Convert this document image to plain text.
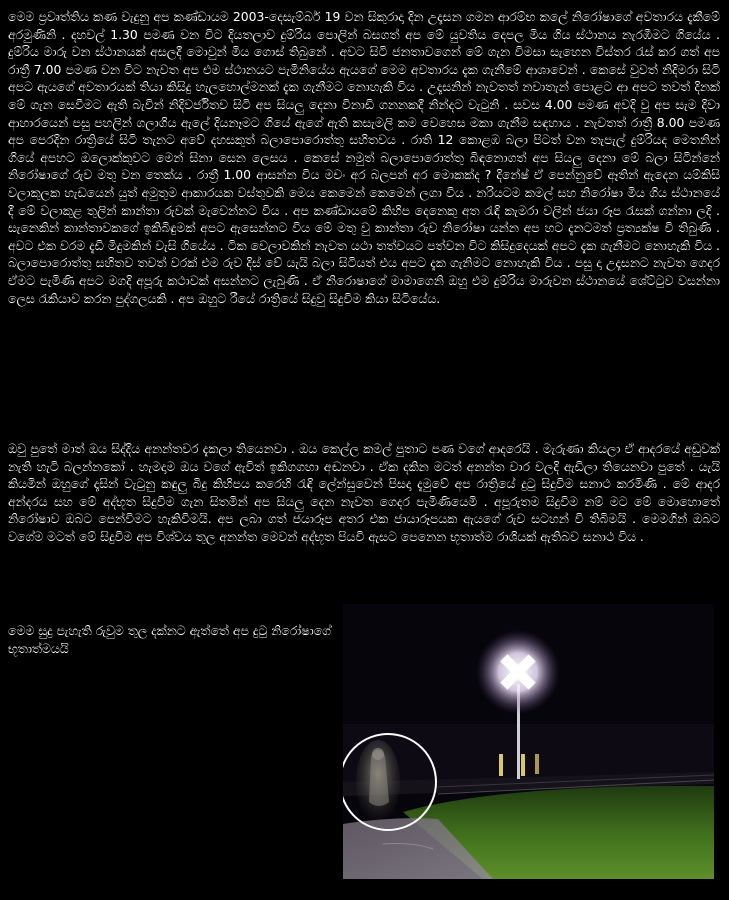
මෙම ප්‍රවෘත්තිය කණ වැදුනු අප කණ්ඩායම 2003-දෙසැම්බර් 19 වන සිකුරාදා දින උදෑසන ගමන ආරම්භ කලේ නිරෝෂාගේ අවතාරය දැකීමේ අරමුණිනි . දහවල් 1.30 පමණ වන විට දියතලාව දුම්රිය පොලින් බසගත් අප මේ යුවතිය දෙපල මිය ගිය ස්ථානය නැරඹීමට ගියේය . දුම්රිය මාරු වන ස්ථානයක් අසලදී මොවුන් මිය ගොස් තිබුනේ . අවට සිටි ජනතාවගෙන් මේ ගැන විමසා සැහෙන විස්තර රැස් කර ගත් අප රාත්‍රී 7.00 පමණ වන විට නැවත අප එම ස්ථානයට පැමිනියේය ඇයගේ මෙම අවතාරය දැක ගැනීමේ ආශාවෙන් . කෙසේ වුවත් නිදිමරා සිටි අපට ඇයගේ අවතාරයක් තියා කිසිදු හැලහොල්මනක් දැක ගැනීමට නොහැකි විය . උදෑසනින් නැවතත් නවාතැන් පොළට ආ අපට තවත් දිනක් මේ ගැන සෙවීමට ඇති බැවින් නිදිවර්ජිතව සිටි අප සියලු දෙනා විනාඩි ගනනකදී නින්දට වැටුනි . සවස 4.00 පමණ අවදි වු අප සැම දිවා ආහාරයෙන් පසු පහලින් ගලාගිය ඇලේ දියනෑමට ගියේ ඇගේ ඇති කසැමලි කම වෙහෙස මකා ගැනීම සඳහාය . නැවතත් රාත්‍රී 8.00 පමණ අප පෙරදින රාත්‍රියේ සිටි තැනට අවේ දහසකුත් බලාපොරොත්තු සහිතවය . රාති 12 කොළඹ බලා පිටත් වන තැපැල් දුම්රියද මෙතනින් ගියේ අපහට ඔලොක්කුවට මෙන් සිනා සෙන ලෙසය . කෙසේ නමුත් බලාපොරොත්තු බිඳනොගත් අප සියලු දෙනා මේ බලා සිටින්නේ නිරෝෂාගේ රුව මතු වන තෙක්ය . රාත්‍රී 1.00 ආසන්න විය මචං අර බලපන් අර මොකක්ද ? දිනේෂ් ඒ පෙන්නුවේ ඈතින් ඇදෙන යම්කිසි වලාකුලක හැඩයෙන් යුත් අමුතුම ආකාරයක වස්තුවකි මෙය කෙමෙන් කෙමෙන් ලගා විය . නරියටම කමල් සහ නිරෝෂා මිය ගිය ස්ථානයේ දී මේ වලාකුළ තුලින් කාන්තා රුවක් මැවෙන්නට විය . අප කණ්ඩායමේ කිහිප දෙනෙකු අත රැඳි කැමරා වලින් ජයා රූප රැසක් ගන්නා ලදි . සැනෙකින් කාන්තාවකගේ ඉකිබිඳුමක් අපට ඇසෙන්නට විය මේ මතු වු කාන්තා රුව නිරෝෂා යන්න අප හට දැනටමත් ප්‍රත්‍යක්ෂ වි තිබුණි . අවට එක වරම දැඩි මිදුමකින් වැසි ගියේය . ටික වෙලාවකින් නැවත යථා තත්වයට පත්වන විට කිසිදුදෙයක් අපට දැක ගැනීමට නොහැකි විය . බලාපොරොත්තු සහිතව තවත් වරක් එම රුව දිස් වේ යැයි බලා සිටියත් එය අපට දැක ගැනිමට නොහැකි විය . පසු දා උදෑසනට නැවත ගෙදර ඒමට පැමිණි අපට මගදි අපූරු කථාවක් අසන්නට ලැබුණි . ඒ නිරොෂාගේ මාමාගෙනි ඔහු එම දුම්රිය මාරුවන ස්ථානයේ ශේට්ටුව වසන්නා ලෙස රැකියාව කරන පුද්ගලයකි . අප ඔහුට රීයේ රාත්‍රියේ සිදුවු සිදුවිම කියා සිටියේය.
ඔවු පුතේ මාත් ඔය සිද්දිය අනන්තවර දැකලා තියෙනවා . ඔය කෙල්ල කමල් පුතාට පණ වගේ ආදරෙයි . මැරුණා කියලා ඒ ආදරයේ අඩුවක් නැති හැටි බලන්නකෝ . හැමදාම ඔය වගේ ඇවිත් ඉකිගගහා අඬනවා . ඒක දකින මටත් අනන්ත වාර වලදි ඇඩිලා තියෙනවා පුතේ . යැයි කියමින් ඔහුගේ දෑසින් වැටුනු කඳුලු බිදු කිහිපය කරෙහි රැඳි ලේන්සුවෙන් පිසදා දැමුවේ අප රාත්‍රියේ දුටු සිදුවිම සනාථ කරමිණි . මේ ආදර අන්දරය සහ මේ අද්භූත සිදුවිම ගැන සිතමින් අප සියලු දෙන නැවත ගෙදර පැමිණියෙමි . අපූරුතම සිදුවිම නම් මට මේ මොහොතේ නිරෝෂාව ඔබට පෙන්විමට හැකිවිමයි. අප ලබා ගත් ජයාරූප අතර එක ජායාරූපයක ඇයගේ රුව සටහන් වි තිබිමයි . මෙමගින් ඔබට වගේම මටත් මේ සිදුවිම අප විශ්වය තුල අනන්ත මෙවන් අද්භූත පියවි ඇසට පෙනෙන භූතාත්ම රාශියක් ඇතිබව සනාථ විය .
මෙම සුදු පැහැති රුවුම තුල දක්නට ඇත්තේ අප දුටු නිරෝෂාගේ භූතාත්මයයි
